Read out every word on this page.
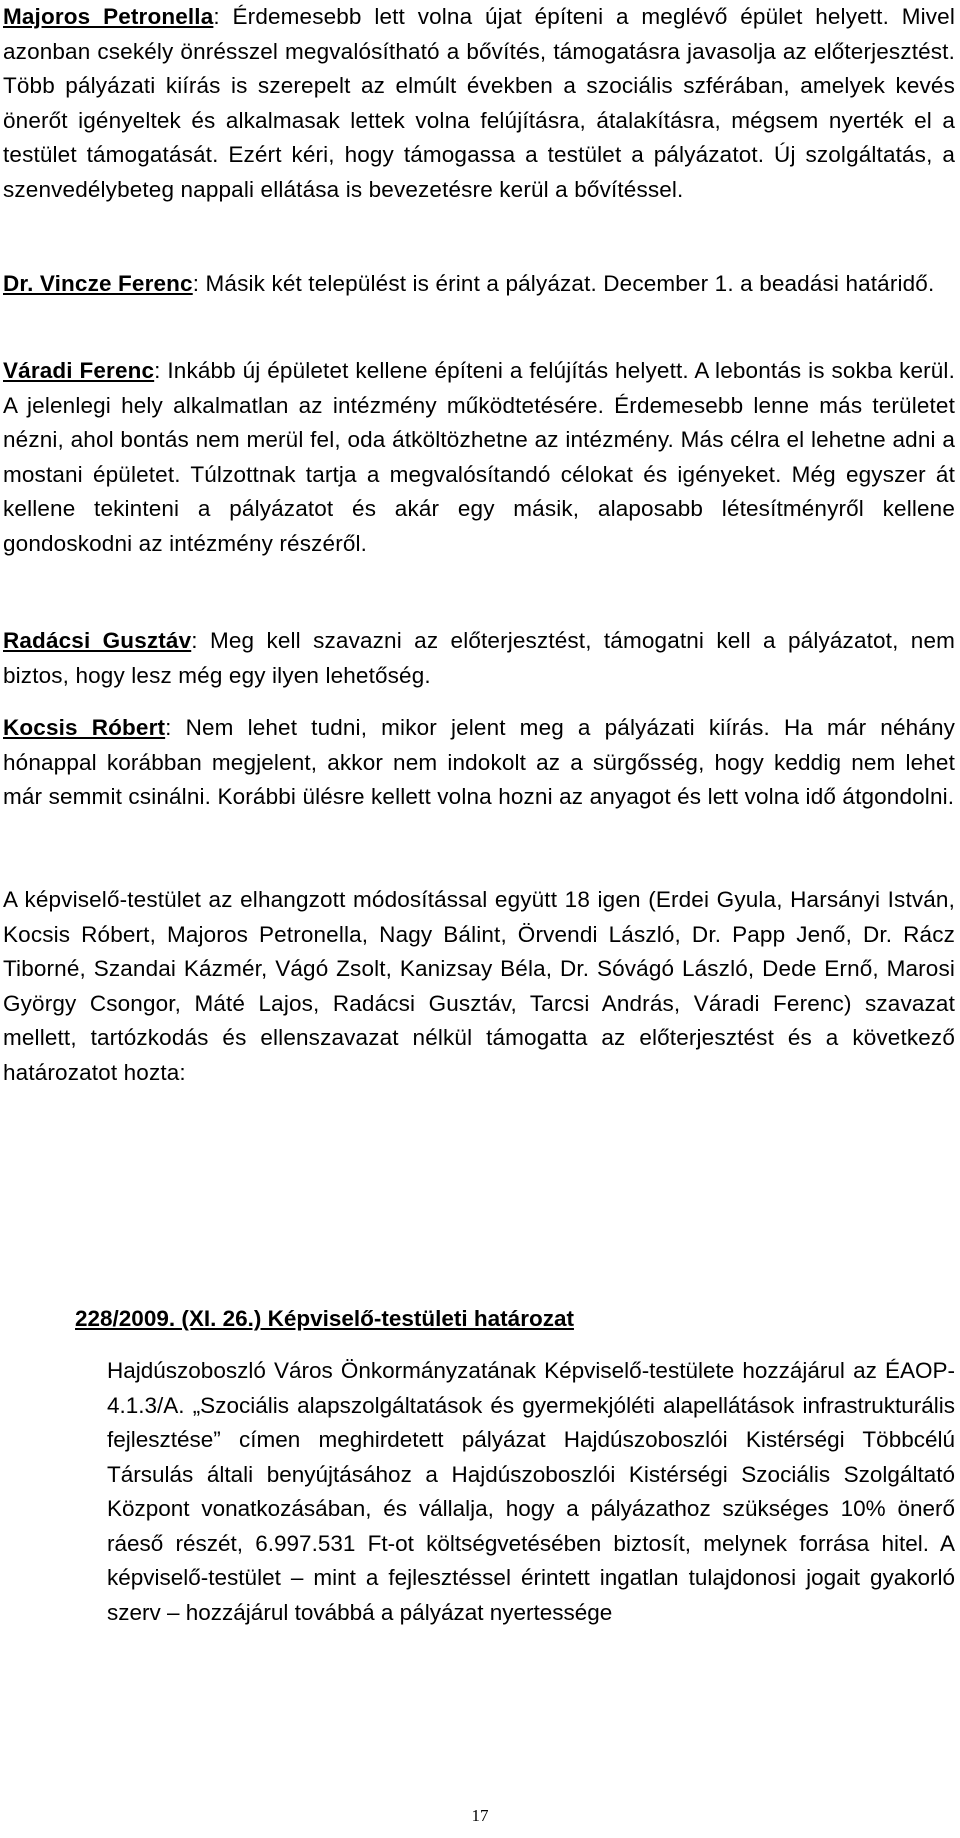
Majoros Petronella: Érdemesebb lett volna újat építeni a meglévő épület helyett. Mivel azonban csekély önrésszel megvalósítható a bővítés, támogatásra javasolja az előterjesztést. Több pályázati kiírás is szerepelt az elmúlt években a szociális szférában, amelyek kevés önerőt igényeltek és alkalmasak lettek volna felújításra, átalakításra, mégsem nyerték el a testület támogatását. Ezért kéri, hogy támogassa a testület a pályázatot. Új szolgáltatás, a szenvedélybeteg nappali ellátása is bevezetésre kerül a bővítéssel.

Dr. Vincze Ferenc: Másik két települést is érint a pályázat. December 1. a beadási határidő.

Váradi Ferenc: Inkább új épületet kellene építeni a felújítás helyett. A lebontás is sokba kerül. A jelenlegi hely alkalmatlan az intézmény működtetésére. Érdemesebb lenne más területet nézni, ahol bontás nem merül fel, oda átköltözhetne az intézmény. Más célra el lehetne adni a mostani épületet. Túlzottnak tartja a megvalósítandó célokat és igényeket. Még egyszer át kellene tekinteni a pályázatot és akár egy másik, alaposabb létesítményről kellene gondoskodni az intézmény részéről.

Radácsi Gusztáv: Meg kell szavazni az előterjesztést, támogatni kell a pályázatot, nem biztos, hogy lesz még egy ilyen lehetőség.

Kocsis Róbert: Nem lehet tudni, mikor jelent meg a pályázati kiírás. Ha már néhány hónappal korábban megjelent, akkor nem indokolt az a sürgősség, hogy keddig nem lehet már semmit csinálni. Korábbi ülésre kellett volna hozni az anyagot és lett volna idő átgondolni.

A képviselő-testület az elhangzott módosítással együtt 18 igen (Erdei Gyula, Harsányi István, Kocsis Róbert, Majoros Petronella, Nagy Bálint, Örvendi László, Dr. Papp Jenő, Dr. Rácz Tiborné, Szandai Kázmér, Vágó Zsolt, Kanizsay Béla, Dr. Sóvágó László, Dede Ernő, Marosi György Csongor, Máté Lajos, Radácsi Gusztáv, Tarcsi András, Váradi Ferenc) szavazat mellett, tartózkodás és ellenszavazat nélkül támogatta az előterjesztést és a következő határozatot hozta:

228/2009. (XI. 26.) Képviselő-testületi határozat

Hajdúszoboszló Város Önkormányzatának Képviselő-testülete hozzájárul az ÉAOP-4.1.3/A. „Szociális alapszolgáltatások és gyermekjóléti alapellátások infrastrukturális fejlesztése” címen meghirdetett pályázat Hajdúszoboszlói Kistérségi Többcélú Társulás általi benyújtásához a Hajdúszoboszlói Kistérségi Szociális Szolgáltató Központ vonatkozásában, és vállalja, hogy a pályázathoz szükséges 10% önerő ráeső részét, 6.997.531 Ft-ot költségvetésében biztosít, melynek forrása hitel. A képviselő-testület – mint a fejlesztéssel érintett ingatlan tulajdonosi jogait gyakorló szerv – hozzájárul továbbá a pályázat nyertessége

17
